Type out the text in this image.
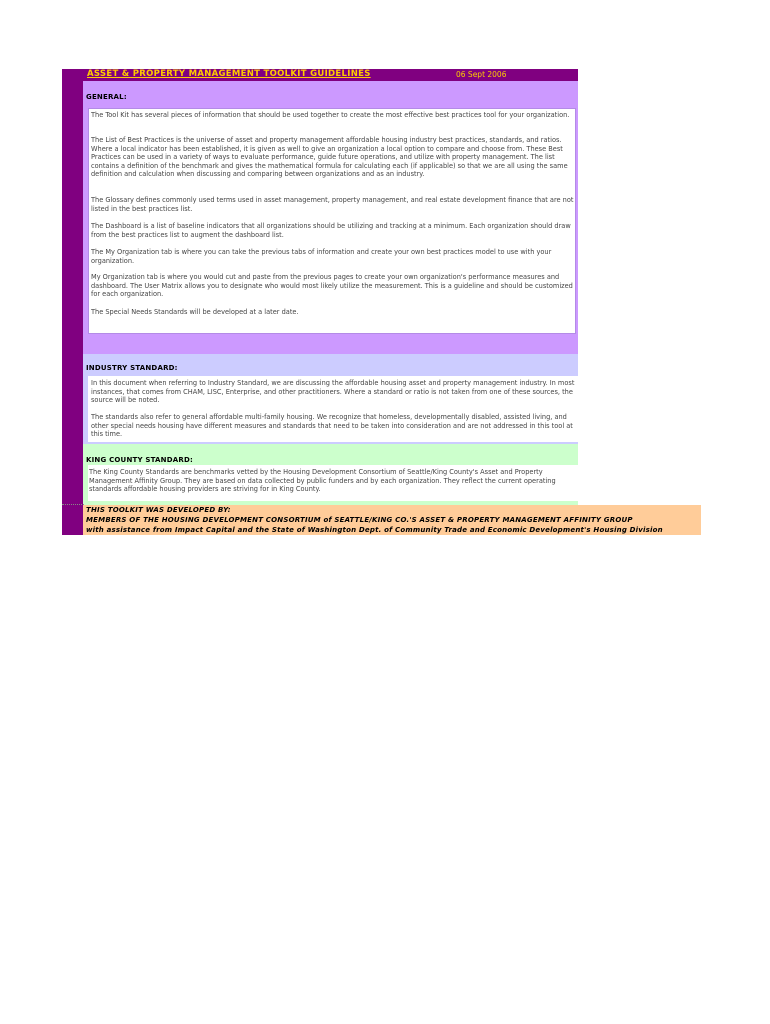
ASSET & PROPERTY MANAGEMENT TOOLKIT GUIDELINES	06 Sept 2006
GENERAL:
The Tool Kit has several pieces of information that should be used together to create the most effective best practices tool for your organization.
The List of Best Practices is the universe of asset and property management affordable housing industry best practices, standards, and ratios. Where a local indicator has been established, it is given as well to give an organization a local option to compare and choose from. These Best Practices can be used in a variety of ways to evaluate performance, guide future operations, and utilize with property management. The list contains a definition of the benchmark and gives the mathematical formula for calculating each (if applicable) so that we are all using the same definition and calculation when discussing and comparing between organizations and as an industry.
The Glossary defines commonly used terms used in asset management, property management, and real estate development finance that are not listed in the best practices list.
The Dashboard is a list of baseline indicators that all organizations should be utilizing and tracking at a minimum. Each organization should draw from the best practices list to augment the dashboard list.
The My Organization tab is where you can take the previous tabs of information and create your own best practices model to use with your organization.
My Organization tab is where you would cut and paste from the previous pages to create your own organization's performance measures and dashboard. The User Matrix allows you to designate who would most likely utilize the measurement. This is a guideline and should be customized for each organization.
The Special Needs Standards will be developed at a later date.
INDUSTRY STANDARD:
In this document when referring to Industry Standard, we are discussing the affordable housing asset and property management industry. In most instances, that comes from CHAM, LISC, Enterprise, and other practitioners. Where a standard or ratio is not taken from one of these sources, the source will be noted.
The standards also refer to general affordable multi-family housing. We recognize that homeless, developmentally disabled, assisted living, and other special needs housing have different measures and standards that need to be taken into consideration and are not addressed in this tool at this time.
KING COUNTY STANDARD:
The King County Standards are benchmarks vetted by the Housing Development Consortium of Seattle/King County's Asset and Property Management Affinity Group. They are based on data collected by public funders and by each organization. They reflect the current operating standards affordable housing providers are striving for in King County.
THIS TOOLKIT WAS DEVELOPED BY:
MEMBERS OF THE HOUSING DEVELOPMENT CONSORTIUM of SEATTLE/KING CO.'S ASSET & PROPERTY MANAGEMENT AFFINITY GROUP
with assistance from Impact Capital and the State of Washington Dept. of Community Trade and Economic Development's Housing Division
